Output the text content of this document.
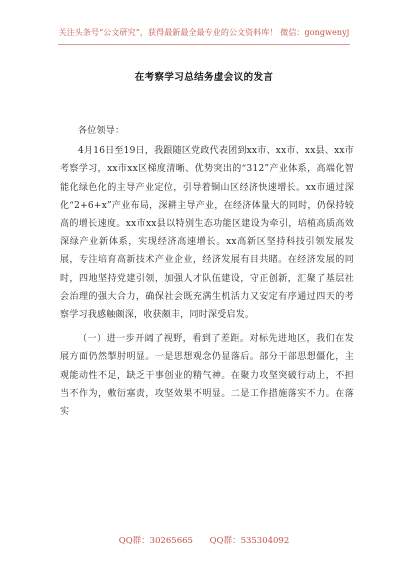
关注头条号“公文研究”，获得最新最全最专业的公文资料库！ 微信：gongwenyj
在考察学习总结务虚会议的发言

各位领导：

4月16日至19日，我跟随区党政代表团到xx市、xx市、xx县、xx市考察学习，xx市xx区梯度清晰、优势突出的“312”产业体系，高端化智能化绿色化的主导产业定位，引导着铜山区经济快速增长。xx市通过深化“2+6+x”产业布局，深耕主导产业，在经济体量大的同时，仍保持较高的增长速度。xx市xx县以特别生态功能区建设为牵引，培植高质高效深绿产业新体系，实现经济高速增长。xx高新区坚持科技引领发展发展，专注培育高新技术产业企业，经济发展有目共睹。在经济发展的同时，四地坚持党建引领，加强人才队伍建设，守正创新，汇聚了基层社会治理的强大合力，确保社会既充满生机活力又安定有序通过四天的考察学习我感触颇深，收获颇丰，同时深受启发。

（一）进一步开阔了视野，看到了差距。对标先进地区，我们在发展方面仍然掣肘明显。一是思想观念仍显落后。部分干部思想僵化，主观能动性不足，缺乏干事创业的精气神。在聚力攻坚突破行动上，不担当不作为，敷衍塞责，攻坚效果不明显。二是工作措施落实不力。在落实

QQ群：30265665 QQ群：535304092
